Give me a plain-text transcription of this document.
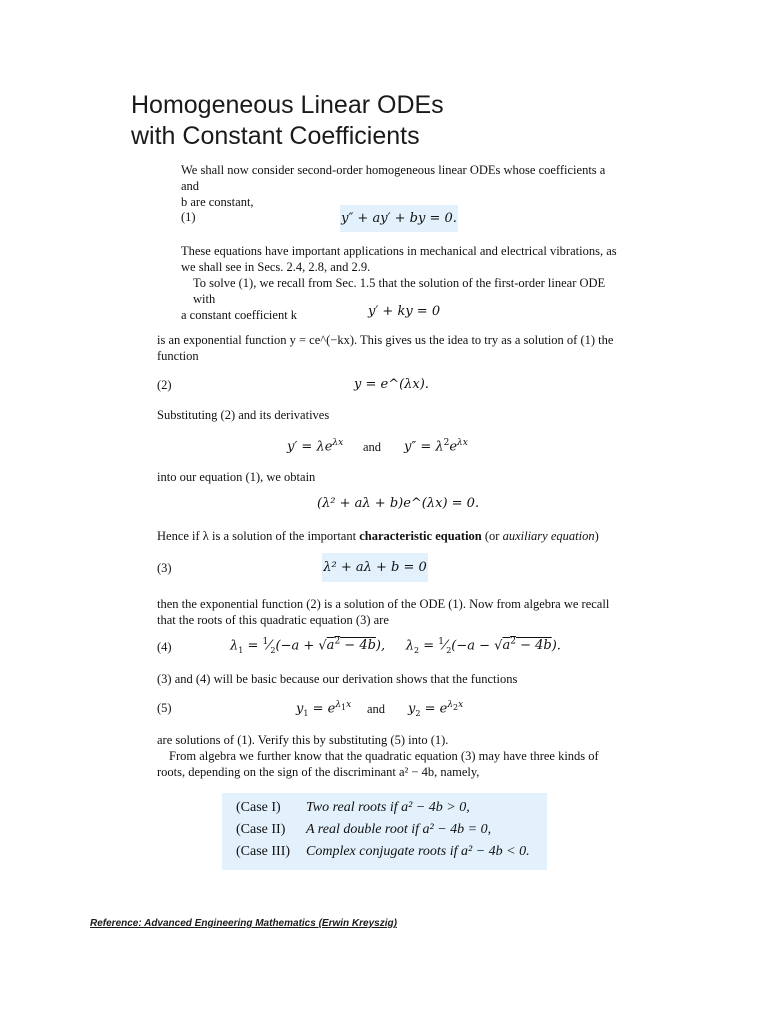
Homogeneous Linear ODEs
with Constant Coefficients
We shall now consider second-order homogeneous linear ODEs whose coefficients a and
b are constant,
(1)	y″ + ay′ + by = 0.
These equations have important applications in mechanical and electrical vibrations, as
we shall see in Secs. 2.4, 2.8, and 2.9.
To solve (1), we recall from Sec. 1.5 that the solution of the first-order linear ODE with
a constant coefficient k	y′ + ky = 0
is an exponential function y = ce^(−kx). This gives us the idea to try as a solution of (1) the
function
(2)	y = e^(λx).
Substituting (2) and its derivatives
$y' = \lambda e^{\lambda x}$ and $y'' = \lambda^2e^{\lambda x}$
into our equation (1), we obtain
(λ² + aλ + b)e^(λx) = 0.
Hence if λ is a solution of the important characteristic equation (or auxiliary equation)
(3)	λ² + aλ + b = 0
then the exponential function (2) is a solution of the ODE (1). Now from algebra we recall
that the roots of this quadratic equation (3) are
(4)	$\lambda_1$ = $^1⁄_2(-a + √a^2 - 4b)$,     $\lambda_2$ = $^1⁄_2(-a - √a^2 - 4b)$.
(3) and (4) will be basic because our derivation shows that the functions
(5)	$y_1 = e^{\lambda_1x}$ and $y_2 = e^{\lambda_2x}$
are solutions of (1). Verify this by substituting (5) into (1).
From algebra we further know that the quadratic equation (3) may have three kinds of
roots, depending on the sign of the discriminant a² − 4b, namely,
(Case I) Two real roots if a² − 4b > 0,
(Case II) A real double root if a² − 4b = 0,
(Case III) Complex conjugate roots if a² − 4b < 0.
Reference: Advanced Engineering Mathematics (Erwin Kreyszig)
